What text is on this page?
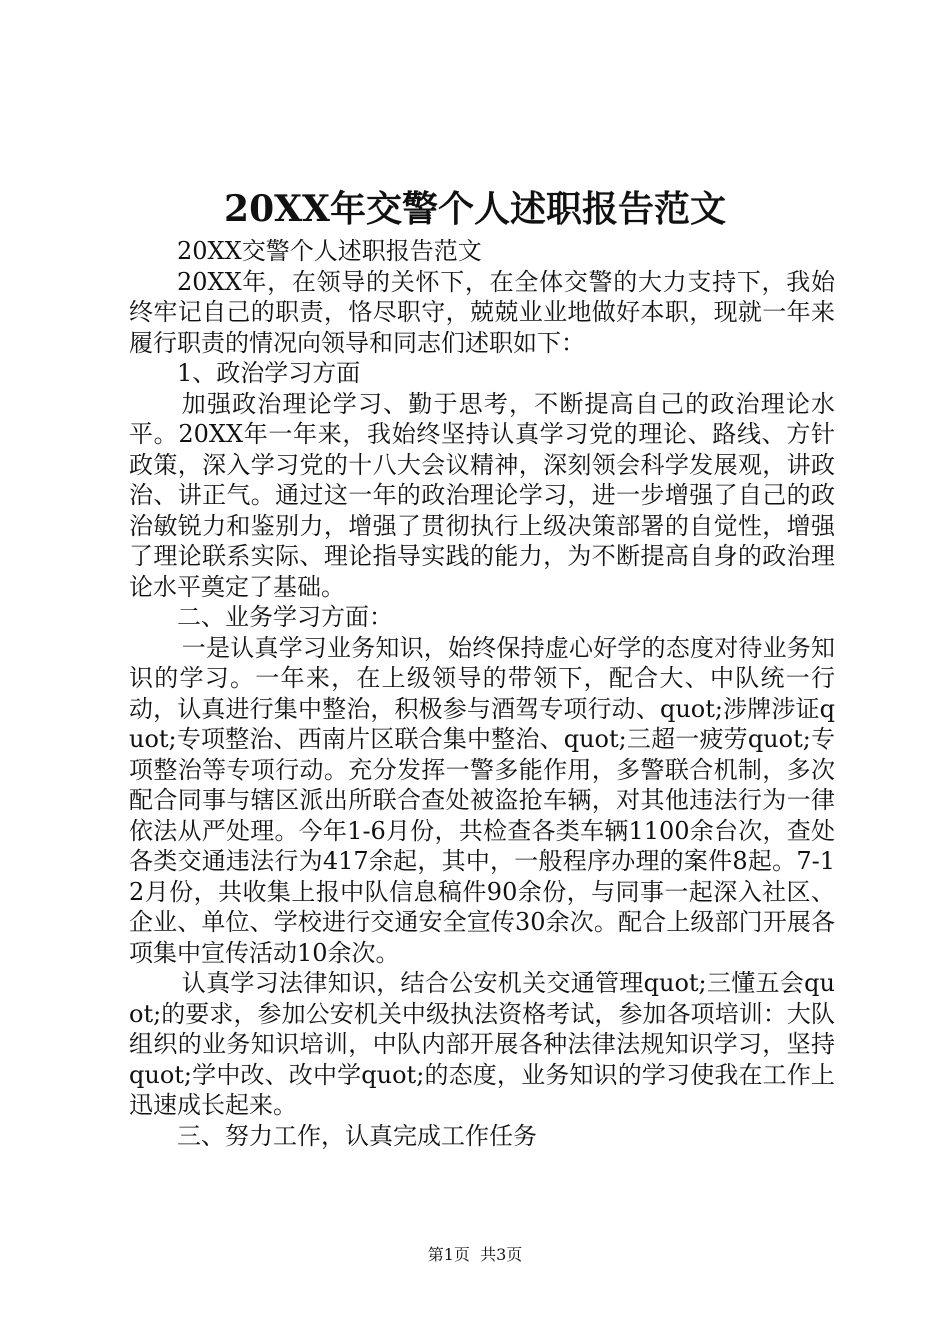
20XX年交警个人述职报告范文

20XX交警个人述职报告范文

20XX年，在领导的关怀下，在全体交警的大力支持下，我始终牢记自己的职责，恪尽职守，兢兢业业地做好本职，现就一年来履行职责的情况向领导和同志们述职如下：

1、政治学习方面

加强政治理论学习、勤于思考，不断提高自己的政治理论水平。20XX年一年来，我始终坚持认真学习党的理论、路线、方针政策，深入学习党的十八大会议精神，深刻领会科学发展观，讲政治、讲正气。通过这一年的政治理论学习，进一步增强了自己的政治敏锐力和鉴别力，增强了贯彻执行上级决策部署的自觉性，增强了理论联系实际、理论指导实践的能力，为不断提高自身的政治理论水平奠定了基础。

二、业务学习方面：

一是认真学习业务知识，始终保持虚心好学的态度对待业务知识的学习。一年来，在上级领导的带领下，配合大、中队统一行动，认真进行集中整治，积极参与酒驾专项行动、quot;涉牌涉证quot;专项整治、西南片区联合集中整治、quot;三超一疲劳quot;专项整治等专项行动。充分发挥一警多能作用，多警联合机制，多次配合同事与辖区派出所联合查处被盗抢车辆，对其他违法行为一律依法从严处理。今年1-6月份，共检查各类车辆1100余台次，查处各类交通违法行为417余起，其中，一般程序办理的案件8起。7-12月份，共收集上报中队信息稿件90余份，与同事一起深入社区、企业、单位、学校进行交通安全宣传30余次。配合上级部门开展各项集中宣传活动10余次。

认真学习法律知识，结合公安机关交通管理quot;三懂五会quot;的要求，参加公安机关中级执法资格考试，参加各项培训：大队组织的业务知识培训，中队内部开展各种法律法规知识学习，坚持quot;学中改、改中学quot;的态度，业务知识的学习使我在工作上迅速成长起来。

三、努力工作，认真完成工作任务

第1页  共3页
